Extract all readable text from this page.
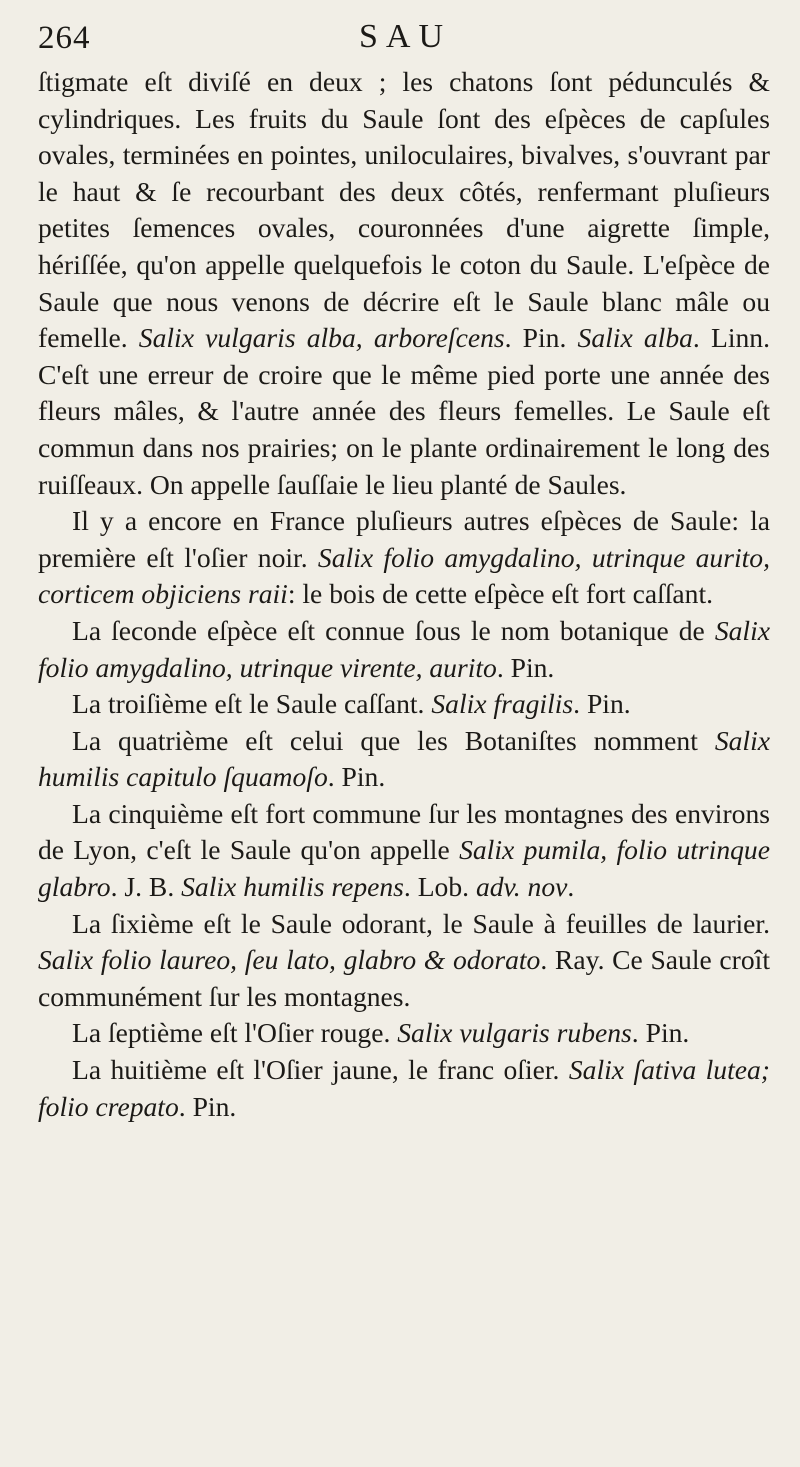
264	SAU

ſtigmate eſt diviſé en deux ; les chatons ſont pédunculés & cylindriques. Les fruits du Saule ſont des eſpèces de capſules ovales, terminées en pointes, uniloculaires, bivalves, s'ouvrant par le haut & ſe recourbant des deux côtés, renfermant pluſieurs petites ſemences ovales, couronnées d'une aigrette ſimple, hériſſée, qu'on appelle quelquefois le coton du Saule. L'eſpèce de Saule que nous venons de décrire eſt le Saule blanc mâle ou femelle. Salix vulgaris alba, arboreſcens. Pin. Salix alba. Linn. C'eſt une erreur de croire que le même pied porte une année des fleurs mâles, & l'autre année des fleurs femelles. Le Saule eſt commun dans nos prairies; on le plante ordinairement le long des ruiſſeaux. On appelle ſauſſaie le lieu planté de Saules.

Il y a encore en France pluſieurs autres eſpèces de Saule: la première eſt l'oſier noir. Salix folio amygdalino, utrinque aurito, corticem objiciens raii: le bois de cette eſpèce eſt fort caſſant.

La ſeconde eſpèce eſt connue ſous le nom botanique de Salix folio amygdalino, utrinque virente, aurito. Pin.

La troiſième eſt le Saule caſſant. Salix fragilis. Pin.

La quatrième eſt celui que les Botaniſtes nomment Salix humilis capitulo ſquamoſo. Pin.

La cinquième eſt fort commune ſur les montagnes des environs de Lyon, c'eſt le Saule qu'on appelle Salix pumila, folio utrinque glabro. J. B. Salix humilis repens. Lob. adv. nov.

La ſixième eſt le Saule odorant, le Saule à feuilles de laurier. Salix folio laureo, ſeu lato, glabro & odorato. Ray. Ce Saule croît communément ſur les montagnes.

La ſeptième eſt l'Oſier rouge. Salix vulgaris rubens. Pin.

La huitième eſt l'Oſier jaune, le franc oſier. Salix ſativa lutea; folio crepato. Pin.
